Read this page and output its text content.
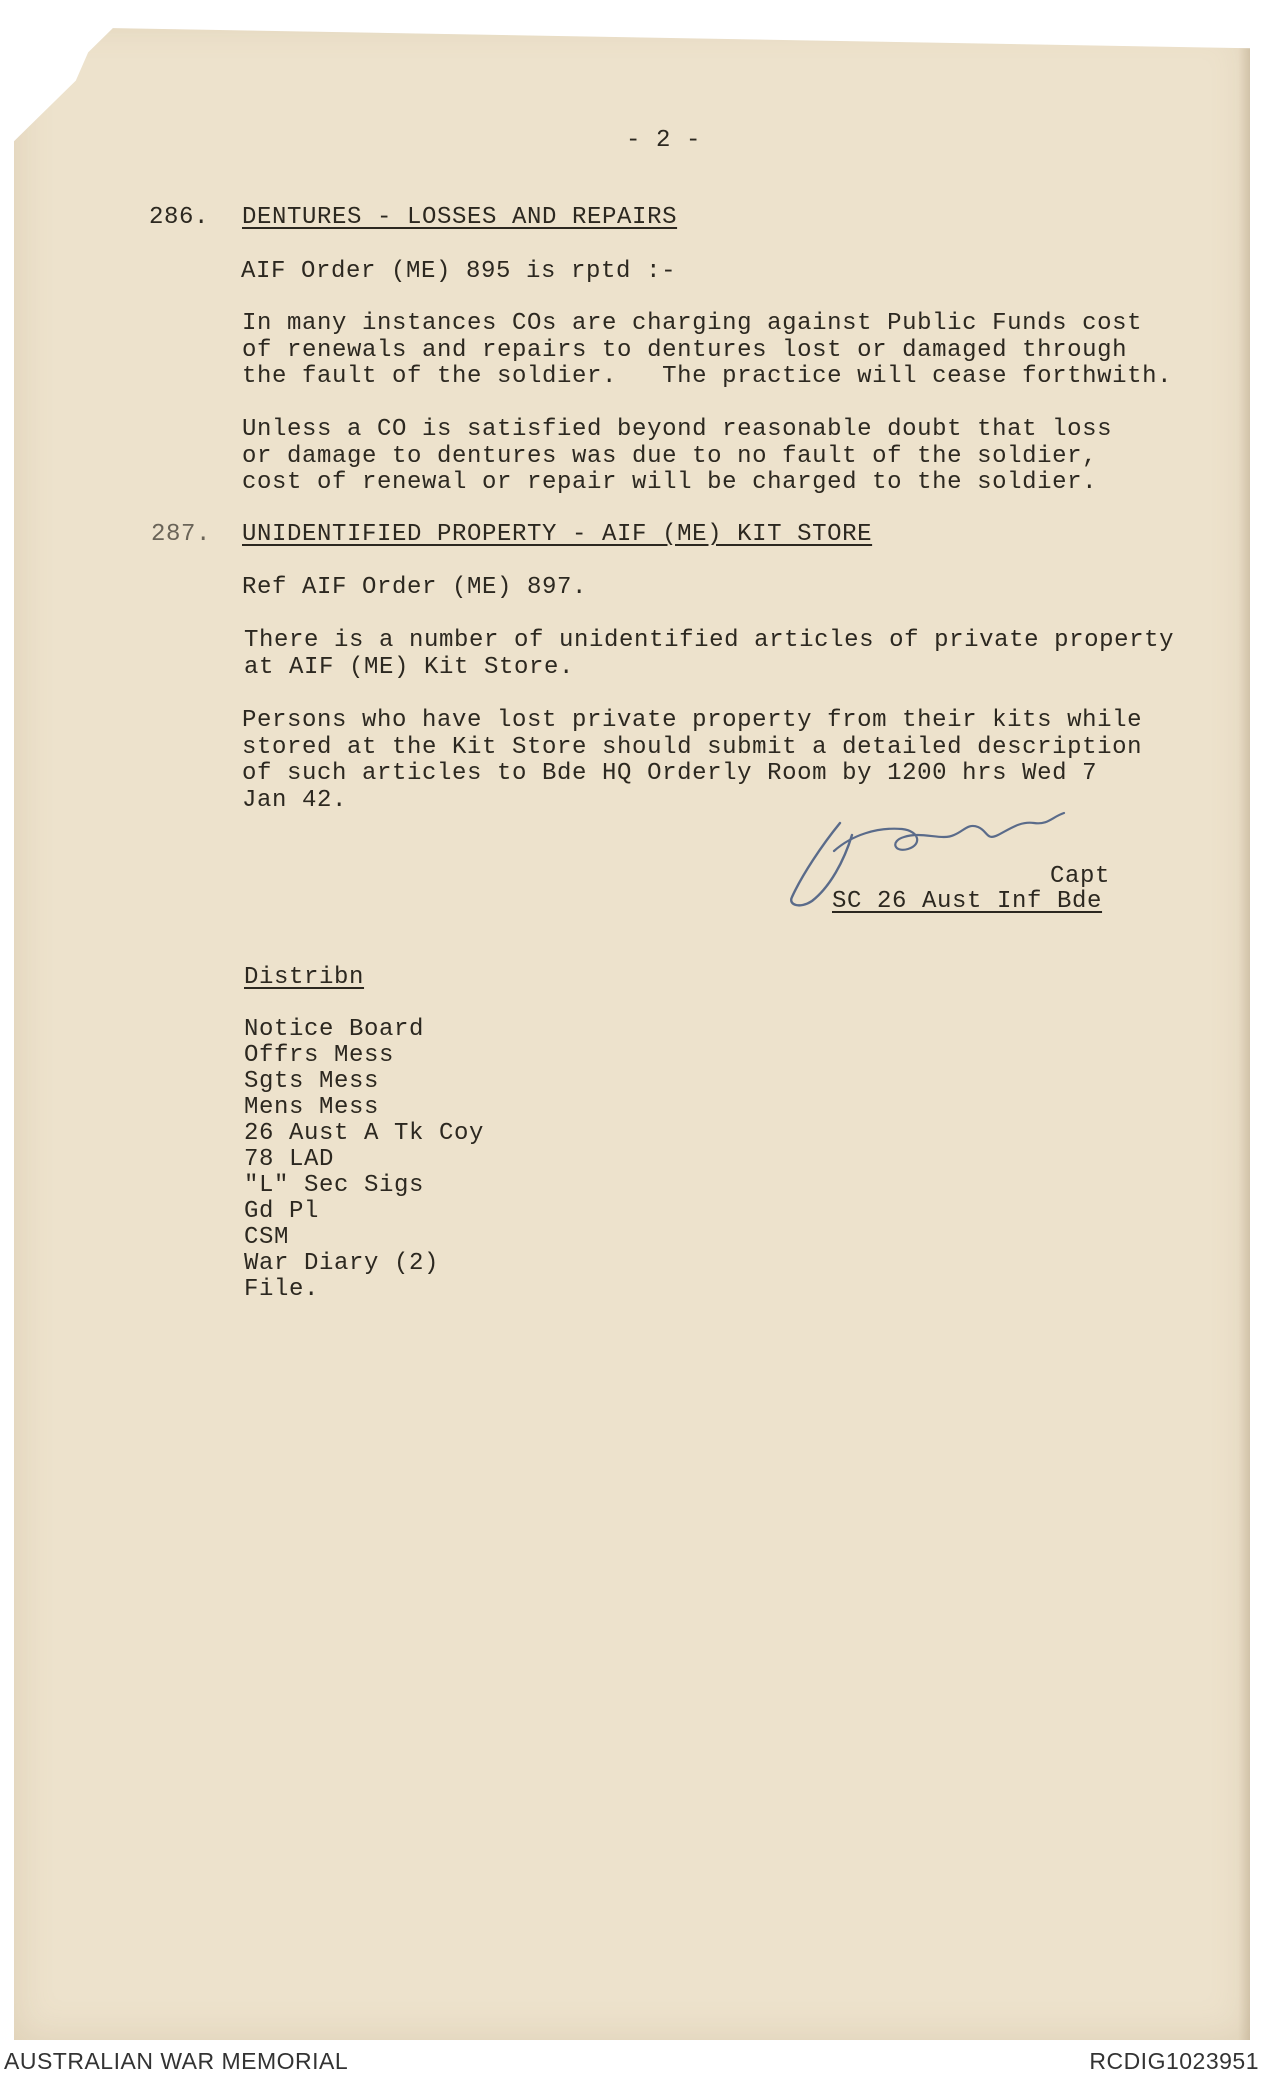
- 2 -
286. DENTURES - LOSSES AND REPAIRS
AIF Order (ME) 895 is rptd :-
In many instances COs are charging against Public Funds cost
of renewals and repairs to dentures lost or damaged through
the fault of the soldier.   The practice will cease forthwith.
Unless a CO is satisfied beyond reasonable doubt that loss
or damage to dentures was due to no fault of the soldier,
cost of renewal or repair will be charged to the soldier.
287. UNIDENTIFIED PROPERTY - AIF (ME) KIT STORE
Ref AIF Order (ME) 897.
There is a number of unidentified articles of private property
at AIF (ME) Kit Store.
Persons who have lost private property from their kits while
stored at the Kit Store should submit a detailed description
of such articles to Bde HQ Orderly Room by 1200 hrs Wed 7
Jan 42.
Capt
SC 26 Aust Inf Bde
Distribn
Notice Board
Offrs Mess
Sgts Mess
Mens Mess
26 Aust A Tk Coy
78 LAD
"L" Sec Sigs
Gd Pl
CSM
War Diary (2)
File.
AUSTRALIAN WAR MEMORIAL	RCDIG1023951
